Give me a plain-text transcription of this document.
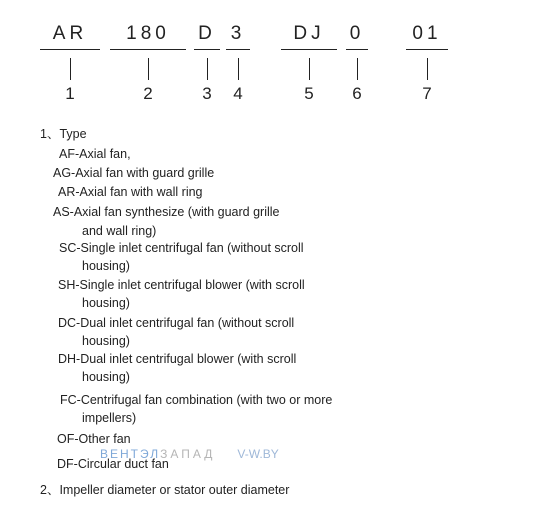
AR
1
180
2
D
3
3
4
DJ
5
0
6
01
7
1、Type
AF-Axial fan,
AG-Axial fan with guard grille
AR-Axial fan with wall ring
AS-Axial fan synthesize (with guard grille
and wall ring)
SC-Single inlet centrifugal fan (without scroll
housing)
SH-Single inlet centrifugal blower (with scroll
housing)
DC-Dual inlet centrifugal fan (without scroll
housing)
DH-Dual inlet centrifugal blower (with scroll
housing)
FC-Centrifugal fan combination (with two or more
impellers)
OF-Other fan
DF-Circular duct fan
2、Impeller diameter or stator outer diameter
ВЕНТЭЛЗАПАД V-W.BY
